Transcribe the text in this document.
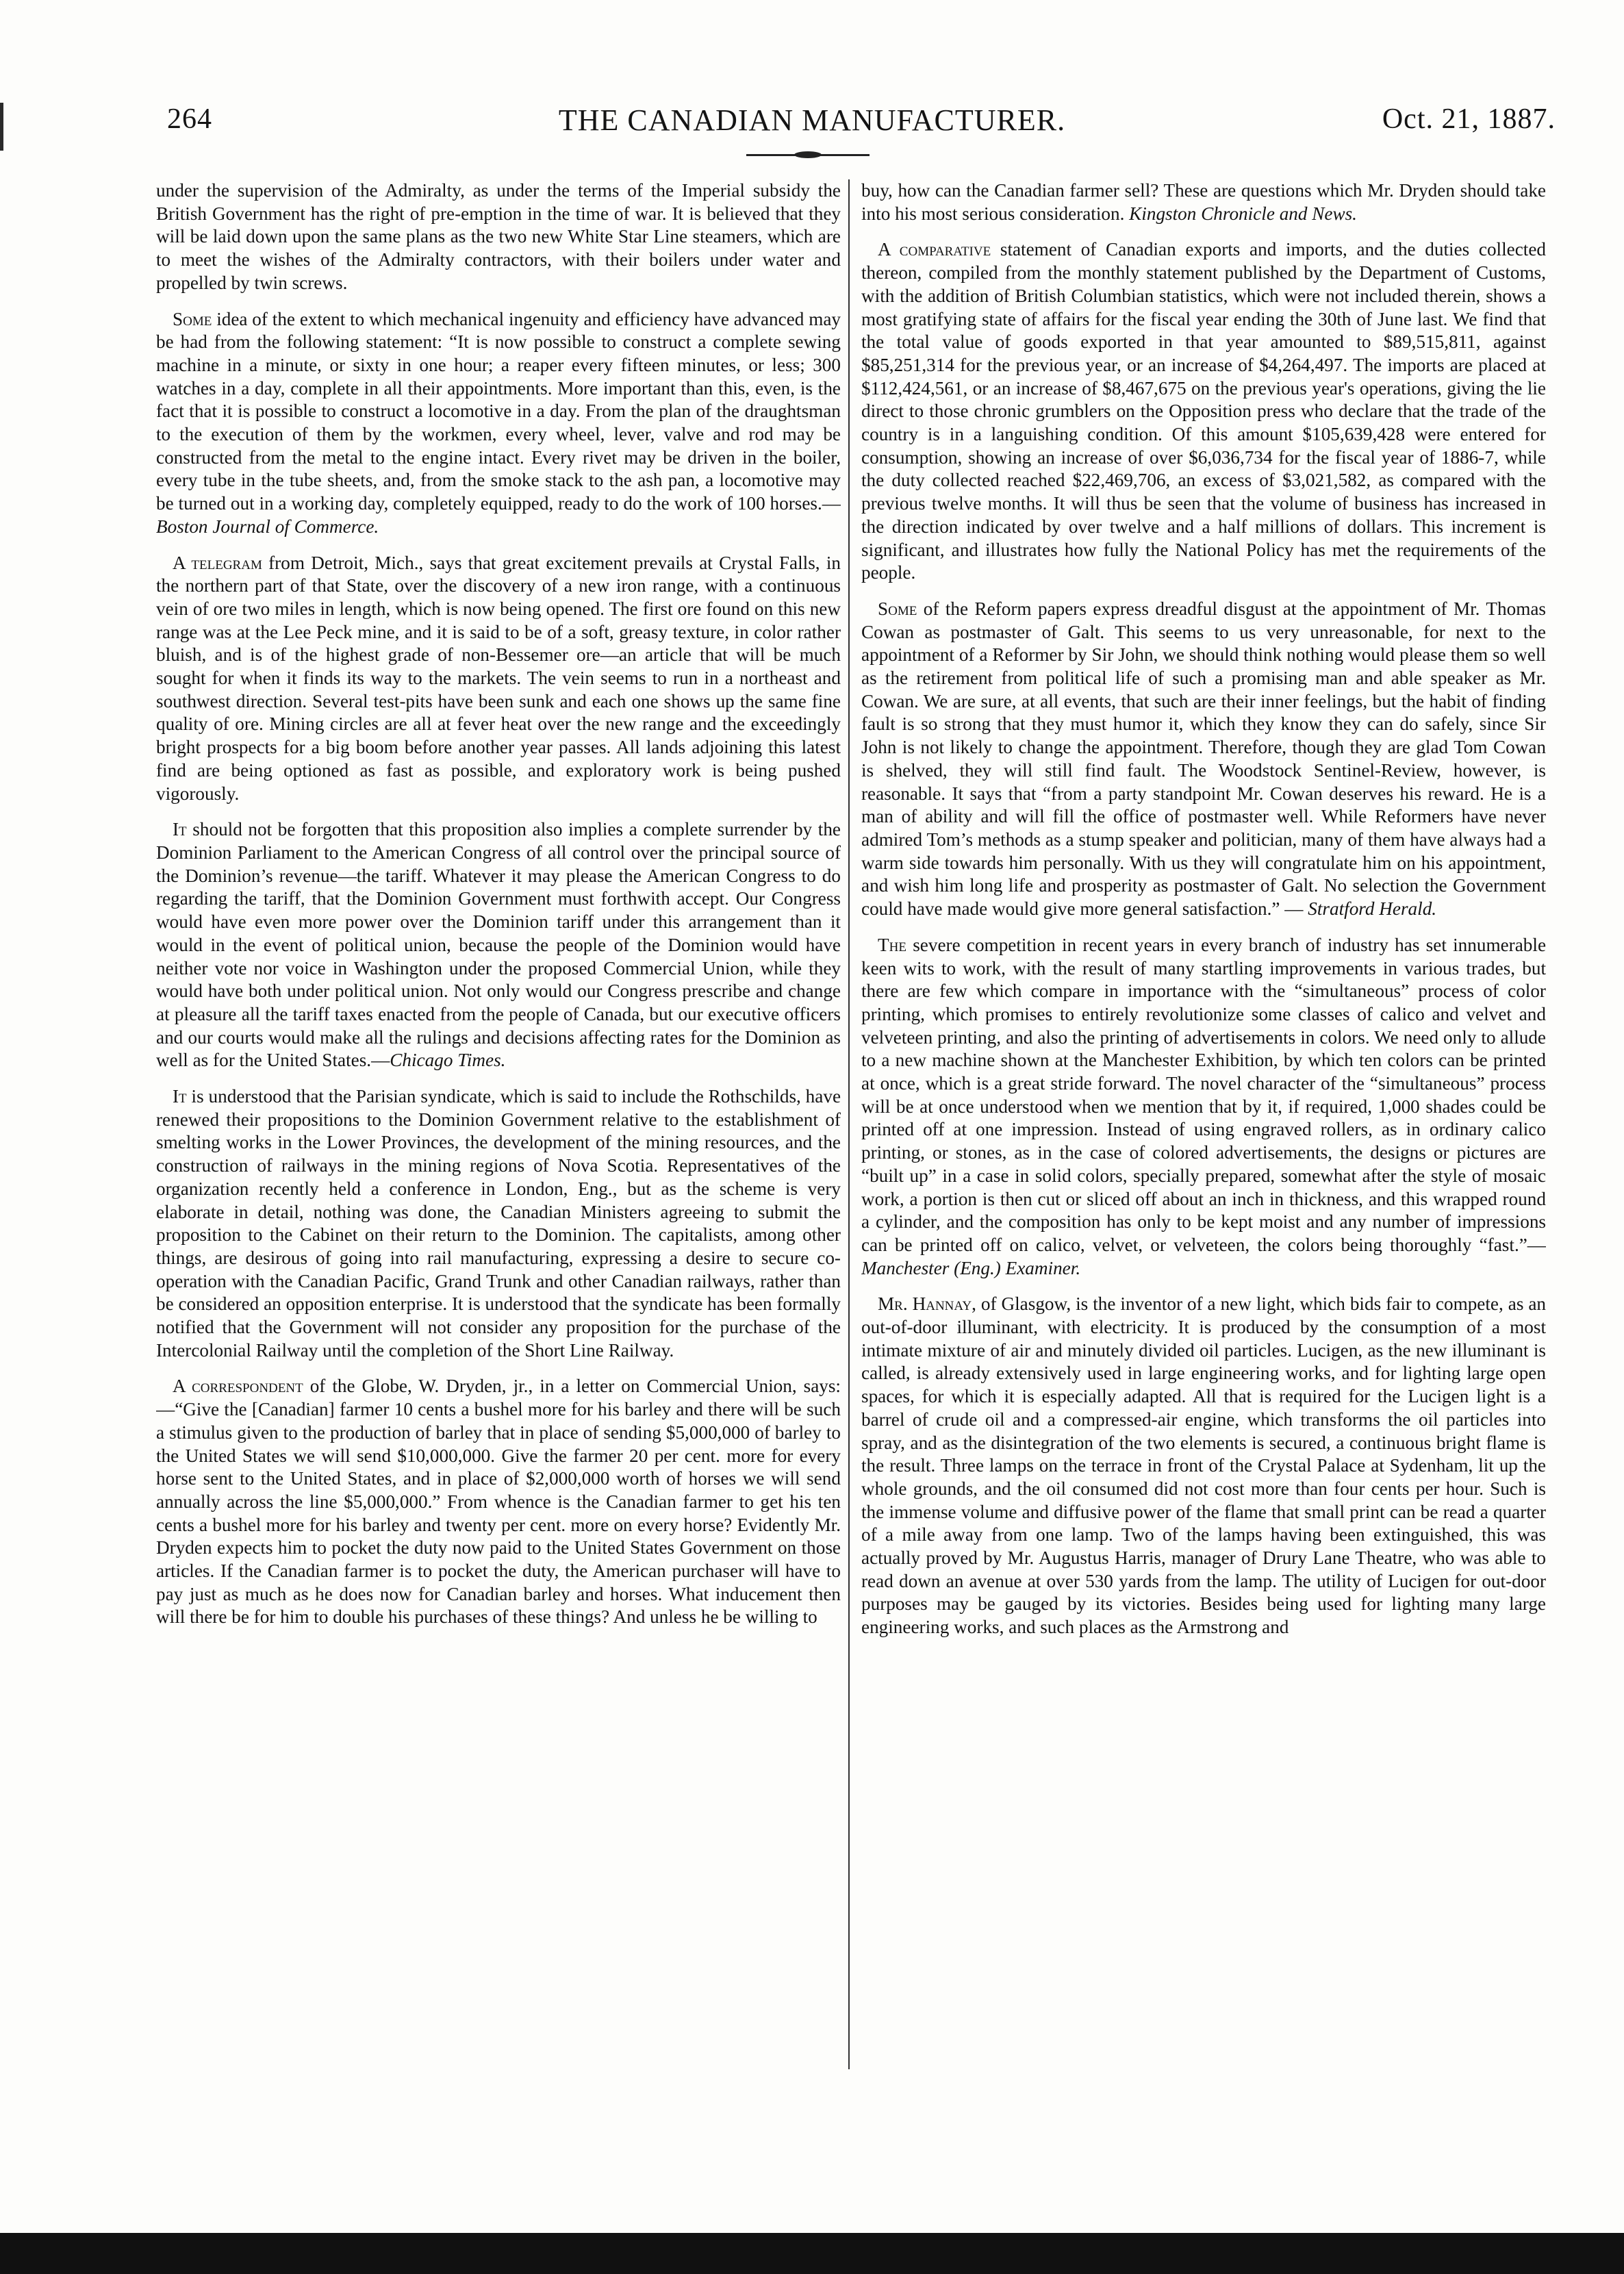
264	THE CANADIAN MANUFACTURER.	Oct. 21, 1887.

under the supervision of the Admiralty, as under the terms of the Imperial subsidy the British Government has the right of pre-emption in the time of war. It is believed that they will be laid down upon the same plans as the two new White Star Line steamers, which are to meet the wishes of the Admiralty contractors, with their boilers under water and propelled by twin screws.

Some idea of the extent to which mechanical ingenuity and efficiency have advanced may be had from the following statement: “It is now possible to construct a complete sewing machine in a minute, or sixty in one hour; a reaper every fifteen minutes, or less; 300 watches in a day, complete in all their appointments. More important than this, even, is the fact that it is possible to construct a locomotive in a day. From the plan of the draughtsman to the execution of them by the workmen, every wheel, lever, valve and rod may be constructed from the metal to the engine intact. Every rivet may be driven in the boiler, every tube in the tube sheets, and, from the smoke stack to the ash pan, a locomotive may be turned out in a working day, completely equipped, ready to do the work of 100 horses.—Boston Journal of Commerce.

A telegram from Detroit, Mich., says that great excitement prevails at Crystal Falls, in the northern part of that State, over the discovery of a new iron range, with a continuous vein of ore two miles in length, which is now being opened. The first ore found on this new range was at the Lee Peck mine, and it is said to be of a soft, greasy texture, in color rather bluish, and is of the highest grade of non-Bessemer ore—an article that will be much sought for when it finds its way to the markets. The vein seems to run in a northeast and southwest direction. Several test-pits have been sunk and each one shows up the same fine quality of ore. Mining circles are all at fever heat over the new range and the exceedingly bright prospects for a big boom before another year passes. All lands adjoining this latest find are being optioned as fast as possible, and exploratory work is being pushed vigorously.

It should not be forgotten that this proposition also implies a complete surrender by the Dominion Parliament to the American Congress of all control over the principal source of the Dominion’s revenue—the tariff. Whatever it may please the American Congress to do regarding the tariff, that the Dominion Government must forthwith accept. Our Congress would have even more power over the Dominion tariff under this arrangement than it would in the event of political union, because the people of the Dominion would have neither vote nor voice in Washington under the proposed Commercial Union, while they would have both under political union. Not only would our Congress prescribe and change at pleasure all the tariff taxes enacted from the people of Canada, but our executive officers and our courts would make all the rulings and decisions affecting rates for the Dominion as well as for the United States.—Chicago Times.

It is understood that the Parisian syndicate, which is said to include the Rothschilds, have renewed their propositions to the Dominion Government relative to the establishment of smelting works in the Lower Provinces, the development of the mining resources, and the construction of railways in the mining regions of Nova Scotia. Representatives of the organization recently held a conference in London, Eng., but as the scheme is very elaborate in detail, nothing was done, the Canadian Ministers agreeing to submit the proposition to the Cabinet on their return to the Dominion. The capitalists, among other things, are desirous of going into rail manufacturing, expressing a desire to secure co-operation with the Canadian Pacific, Grand Trunk and other Canadian railways, rather than be considered an opposition enterprise. It is understood that the syndicate has been formally notified that the Government will not consider any proposition for the purchase of the Intercolonial Railway until the completion of the Short Line Railway.

A correspondent of the Globe, W. Dryden, jr., in a letter on Commercial Union, says: —“Give the [Canadian] farmer 10 cents a bushel more for his barley and there will be such a stimulus given to the production of barley that in place of sending $5,000,000 of barley to the United States we will send $10,000,000. Give the farmer 20 per cent. more for every horse sent to the United States, and in place of $2,000,000 worth of horses we will send annually across the line $5,000,000.” From whence is the Canadian farmer to get his ten cents a bushel more for his barley and twenty per cent. more on every horse? Evidently Mr. Dryden expects him to pocket the duty now paid to the United States Government on those articles. If the Canadian farmer is to pocket the duty, the American purchaser will have to pay just as much as he does now for Canadian barley and horses. What inducement then will there be for him to double his purchases of these things? And unless he be willing to

buy, how can the Canadian farmer sell? These are questions which Mr. Dryden should take into his most serious consideration. Kingston Chronicle and News.

A comparative statement of Canadian exports and imports, and the duties collected thereon, compiled from the monthly statement published by the Department of Customs, with the addition of British Columbian statistics, which were not included therein, shows a most gratifying state of affairs for the fiscal year ending the 30th of June last. We find that the total value of goods exported in that year amounted to $89,515,811, against $85,251,314 for the previous year, or an increase of $4,264,497. The imports are placed at $112,424,561, or an increase of $8,467,675 on the previous year's operations, giving the lie direct to those chronic grumblers on the Opposition press who declare that the trade of the country is in a languishing condition. Of this amount $105,639,428 were entered for consumption, showing an increase of over $6,036,734 for the fiscal year of 1886-7, while the duty collected reached $22,469,706, an excess of $3,021,582, as compared with the previous twelve months. It will thus be seen that the volume of business has increased in the direction indicated by over twelve and a half millions of dollars. This increment is significant, and illustrates how fully the National Policy has met the requirements of the people.

Some of the Reform papers express dreadful disgust at the appointment of Mr. Thomas Cowan as postmaster of Galt. This seems to us very unreasonable, for next to the appointment of a Reformer by Sir John, we should think nothing would please them so well as the retirement from political life of such a promising man and able speaker as Mr. Cowan. We are sure, at all events, that such are their inner feelings, but the habit of finding fault is so strong that they must humor it, which they know they can do safely, since Sir John is not likely to change the appointment. Therefore, though they are glad Tom Cowan is shelved, they will still find fault. The Woodstock Sentinel-Review, however, is reasonable. It says that “from a party standpoint Mr. Cowan deserves his reward. He is a man of ability and will fill the office of postmaster well. While Reformers have never admired Tom’s methods as a stump speaker and politician, many of them have always had a warm side towards him personally. With us they will congratulate him on his appointment, and wish him long life and prosperity as postmaster of Galt. No selection the Government could have made would give more general satisfaction.” — Stratford Herald.

The severe competition in recent years in every branch of industry has set innumerable keen wits to work, with the result of many startling improvements in various trades, but there are few which compare in importance with the “simultaneous” process of color printing, which promises to entirely revolutionize some classes of calico and velvet and velveteen printing, and also the printing of advertisements in colors. We need only to allude to a new machine shown at the Manchester Exhibition, by which ten colors can be printed at once, which is a great stride forward. The novel character of the “simultaneous” process will be at once understood when we mention that by it, if required, 1,000 shades could be printed off at one impression. Instead of using engraved rollers, as in ordinary calico printing, or stones, as in the case of colored advertisements, the designs or pictures are “built up” in a case in solid colors, specially prepared, somewhat after the style of mosaic work, a portion is then cut or sliced off about an inch in thickness, and this wrapped round a cylinder, and the composition has only to be kept moist and any number of impressions can be printed off on calico, velvet, or velveteen, the colors being thoroughly “fast.”—Manchester (Eng.) Examiner.

Mr. Hannay, of Glasgow, is the inventor of a new light, which bids fair to compete, as an out-of-door illuminant, with electricity. It is produced by the consumption of a most intimate mixture of air and minutely divided oil particles. Lucigen, as the new illuminant is called, is already extensively used in large engineering works, and for lighting large open spaces, for which it is especially adapted. All that is required for the Lucigen light is a barrel of crude oil and a compressed-air engine, which transforms the oil particles into spray, and as the disintegration of the two elements is secured, a continuous bright flame is the result. Three lamps on the terrace in front of the Crystal Palace at Sydenham, lit up the whole grounds, and the oil consumed did not cost more than four cents per hour. Such is the immense volume and diffusive power of the flame that small print can be read a quarter of a mile away from one lamp. Two of the lamps having been extinguished, this was actually proved by Mr. Augustus Harris, manager of Drury Lane Theatre, who was able to read down an avenue at over 530 yards from the lamp. The utility of Lucigen for out-door purposes may be gauged by its victories. Besides being used for lighting many large engineering works, and such places as the Armstrong and
